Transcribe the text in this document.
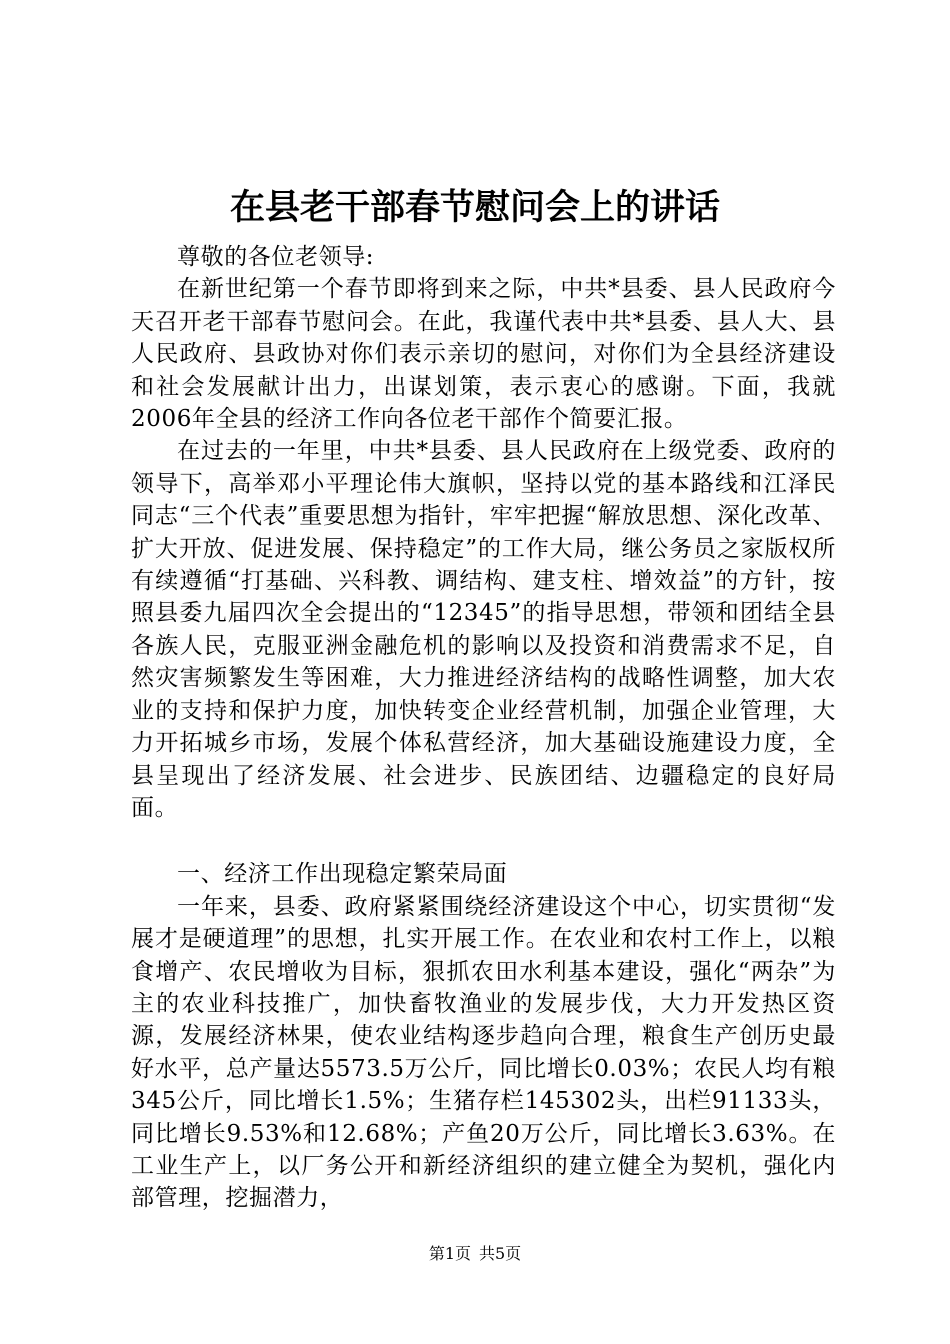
在县老干部春节慰问会上的讲话

尊敬的各位老领导:

在新世纪第一个春节即将到来之际，中共*县委、县人民政府今天召开老干部春节慰问会。在此，我谨代表中共*县委、县人大、县人民政府、县政协对你们表示亲切的慰问，对你们为全县经济建设和社会发展献计出力，出谋划策，表示衷心的感谢。下面，我就2006年全县的经济工作向各位老干部作个简要汇报。

在过去的一年里，中共*县委、县人民政府在上级党委、政府的领导下，高举邓小平理论伟大旗帜，坚持以党的基本路线和江泽民同志“三个代表”重要思想为指针，牢牢把握“解放思想、深化改革、扩大开放、促进发展、保持稳定”的工作大局，继公务员之家版权所有续遵循“打基础、兴科教、调结构、建支柱、增效益”的方针，按照县委九届四次全会提出的“12345”的指导思想，带领和团结全县各族人民，克服亚洲金融危机的影响以及投资和消费需求不足，自然灾害频繁发生等困难，大力推进经济结构的战略性调整，加大农业的支持和保护力度，加快转变企业经营机制，加强企业管理，大力开拓城乡市场，发展个体私营经济，加大基础设施建设力度，全县呈现出了经济发展、社会进步、民族团结、边疆稳定的良好局面。

一、经济工作出现稳定繁荣局面

一年来，县委、政府紧紧围绕经济建设这个中心，切实贯彻“发展才是硬道理”的思想，扎实开展工作。在农业和农村工作上，以粮食增产、农民增收为目标，狠抓农田水利基本建设，强化“两杂”为主的农业科技推广，加快畜牧渔业的发展步伐，大力开发热区资源，发展经济林果，使农业结构逐步趋向合理，粮食生产创历史最好水平，总产量达5573.5万公斤，同比增长0.03%；农民人均有粮345公斤，同比增长1.5%；生猪存栏145302头，出栏91133头，同比增长9.53%和12.68%；产鱼20万公斤，同比增长3.63%。在工业生产上，以厂务公开和新经济组织的建立健全为契机，强化内部管理，挖掘潜力，

第1页 共5页
